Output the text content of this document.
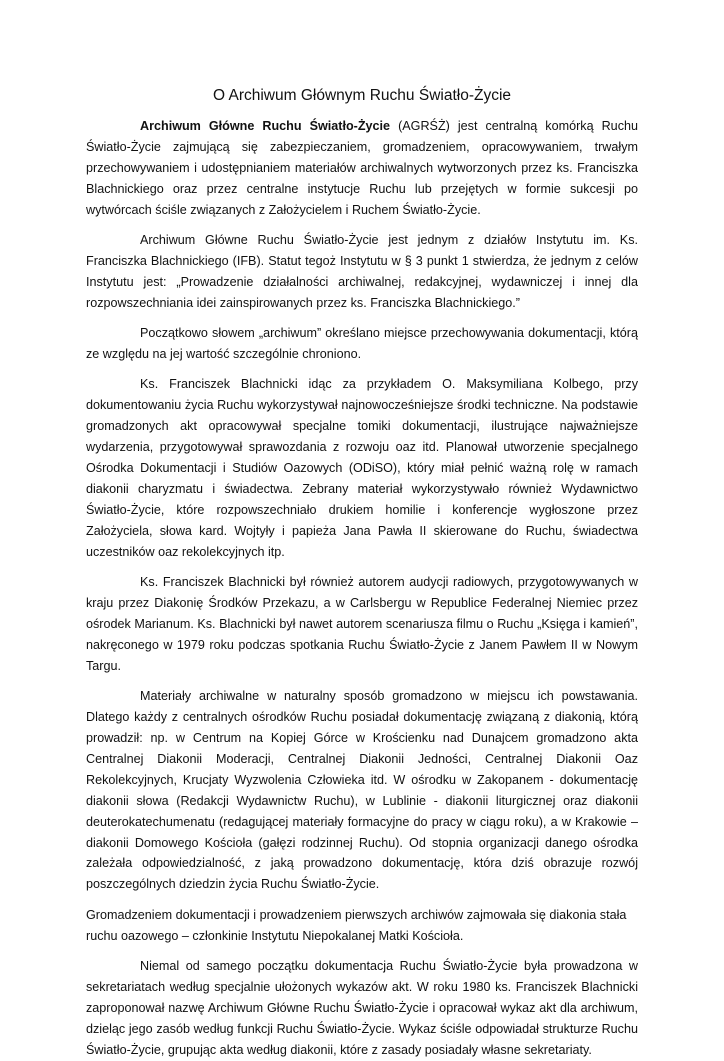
O Archiwum Głównym Ruchu Światło-Życie

Archiwum Główne Ruchu Światło-Życie (AGRŚŻ) jest centralną komórką Ruchu Światło-Życie zajmującą się zabezpieczaniem, gromadzeniem, opracowywaniem, trwałym przechowywaniem i udostępnianiem materiałów archiwalnych wytworzonych przez ks. Franciszka Blachnickiego oraz przez centralne instytucje Ruchu lub przejętych w formie sukcesji po wytwórcach ściśle związanych z Założycielem i Ruchem Światło-Życie.

Archiwum Główne Ruchu Światło-Życie jest jednym z działów Instytutu im. Ks. Franciszka Blachnickiego (IFB). Statut tegoż Instytutu w § 3 punkt 1 stwierdza, że jednym z celów Instytutu jest: „Prowadzenie działalności archiwalnej, redakcyjnej, wydawniczej i innej dla rozpowszechniania idei zainspirowanych przez ks. Franciszka Blachnickiego.”

Początkowo słowem „archiwum” określano miejsce przechowywania dokumentacji, którą ze względu na jej wartość szczególnie chroniono.

Ks. Franciszek Blachnicki idąc za przykładem O. Maksymiliana Kolbego, przy dokumentowaniu życia Ruchu wykorzystywał najnowocześniejsze środki techniczne. Na podstawie gromadzonych akt opracowywał specjalne tomiki dokumentacji, ilustrujące najważniejsze wydarzenia, przygotowywał sprawozdania z rozwoju oaz itd. Planował utworzenie specjalnego Ośrodka Dokumentacji i Studiów Oazowych (ODiSO), który miał pełnić ważną rolę w ramach diakonii charyzmatu i świadectwa. Zebrany materiał wykorzystywało również Wydawnictwo Światło-Życie, które rozpowszechniało drukiem homilie i konferencje wygłoszone przez Założyciela, słowa kard. Wojtyły i papieża Jana Pawła II skierowane do Ruchu, świadectwa uczestników oaz rekolekcyjnych itp.

Ks. Franciszek Blachnicki był również autorem audycji radiowych, przygotowywanych w kraju przez Diakonię Środków Przekazu, a w Carlsbergu w Republice Federalnej Niemiec przez ośrodek Marianum. Ks. Blachnicki był nawet autorem scenariusza filmu o Ruchu „Księga i kamień”, nakręconego w 1979 roku podczas spotkania Ruchu Światło-Życie z Janem Pawłem II w Nowym Targu.

Materiały archiwalne w naturalny sposób gromadzono w miejscu ich powstawania. Dlatego każdy z centralnych ośrodków Ruchu posiadał dokumentację związaną z diakonią, którą prowadził: np. w Centrum na Kopiej Górce w Krościenku nad Dunajcem gromadzono akta Centralnej Diakonii Moderacji, Centralnej Diakonii Jedności, Centralnej Diakonii Oaz Rekolekcyjnych, Krucjaty Wyzwolenia Człowieka itd. W ośrodku w Zakopanem - dokumentację diakonii słowa (Redakcji Wydawnictw Ruchu), w Lublinie - diakonii liturgicznej oraz diakonii deuterokatechumenatu (redagującej materiały formacyjne do pracy w ciągu roku), a w Krakowie – diakonii Domowego Kościoła (gałęzi rodzinnej Ruchu). Od stopnia organizacji danego ośrodka zależała odpowiedzialność, z jaką prowadzono dokumentację, która dziś obrazuje rozwój poszczególnych dziedzin życia Ruchu Światło-Życie.

Gromadzeniem dokumentacji i prowadzeniem pierwszych archiwów zajmowała się diakonia stała ruchu oazowego – członkinie Instytutu Niepokalanej Matki Kościoła.

Niemal od samego początku dokumentacja Ruchu Światło-Życie była prowadzona w sekretariatach według specjalnie ułożonych wykazów akt. W roku 1980 ks. Franciszek Blachnicki zaproponował nazwę Archiwum Główne Ruchu Światło-Życie i opracował wykaz akt dla archiwum, dzieląc jego zasób według funkcji Ruchu Światło-Życie. Wykaz ściśle odpowiadał strukturze Ruchu Światło-Życie, grupując akta według diakonii, które z zasady posiadały własne sekretariaty.
